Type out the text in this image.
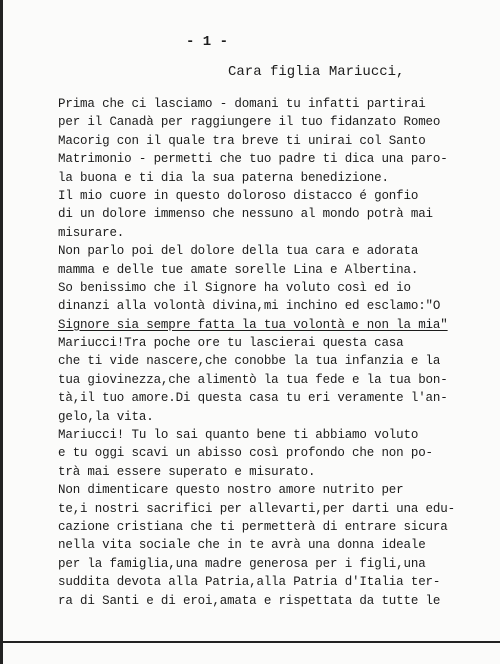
- 1 -
Cara figlia Mariucci,
Prima che ci lasciamo - domani tu infatti partirai
per il Canadà per raggiungere il tuo fidanzato Romeo
Macorig con il quale tra breve ti unirai col Santo
Matrimonio - permetti che tuo padre ti dica una paro-
la buona e ti dia la sua paterna benedizione.
Il mio cuore in questo doloroso distacco é gonfio
di un dolore immenso che nessuno al mondo potrà mai
misurare.
Non parlo poi del dolore della tua cara e adorata
mamma e delle tue amate sorelle Lina e Albertina.
So benissimo che il Signore ha voluto così ed io
dinanzi alla volontà divina,mi inchino ed esclamo:"O
Signore sia sempre fatta la tua volontà e non la mia"
Mariucci!Tra poche ore tu lascierai questa casa
che ti vide nascere,che conobbe la tua infanzia e la
tua giovinezza,che alimentò la tua fede e la tua bon-
tà,il tuo amore.Di questa casa tu eri veramente l'an-
gelo,la vita.
Mariucci! Tu lo sai quanto bene ti abbiamo voluto
e tu oggi scavi un abisso così profondo che non po-
trà mai essere superato e misurato.
Non dimenticare questo nostro amore nutrito per
te,i nostri sacrifici per allevarti,per darti una edu-
cazione cristiana che ti permetterà di entrare sicura
nella vita sociale che in te avrà una donna ideale
per la famiglia,una madre generosa per i figli,una
suddita devota alla Patria,alla Patria d'Italia ter-
ra di Santi e di eroi,amata e rispettata da tutte le
